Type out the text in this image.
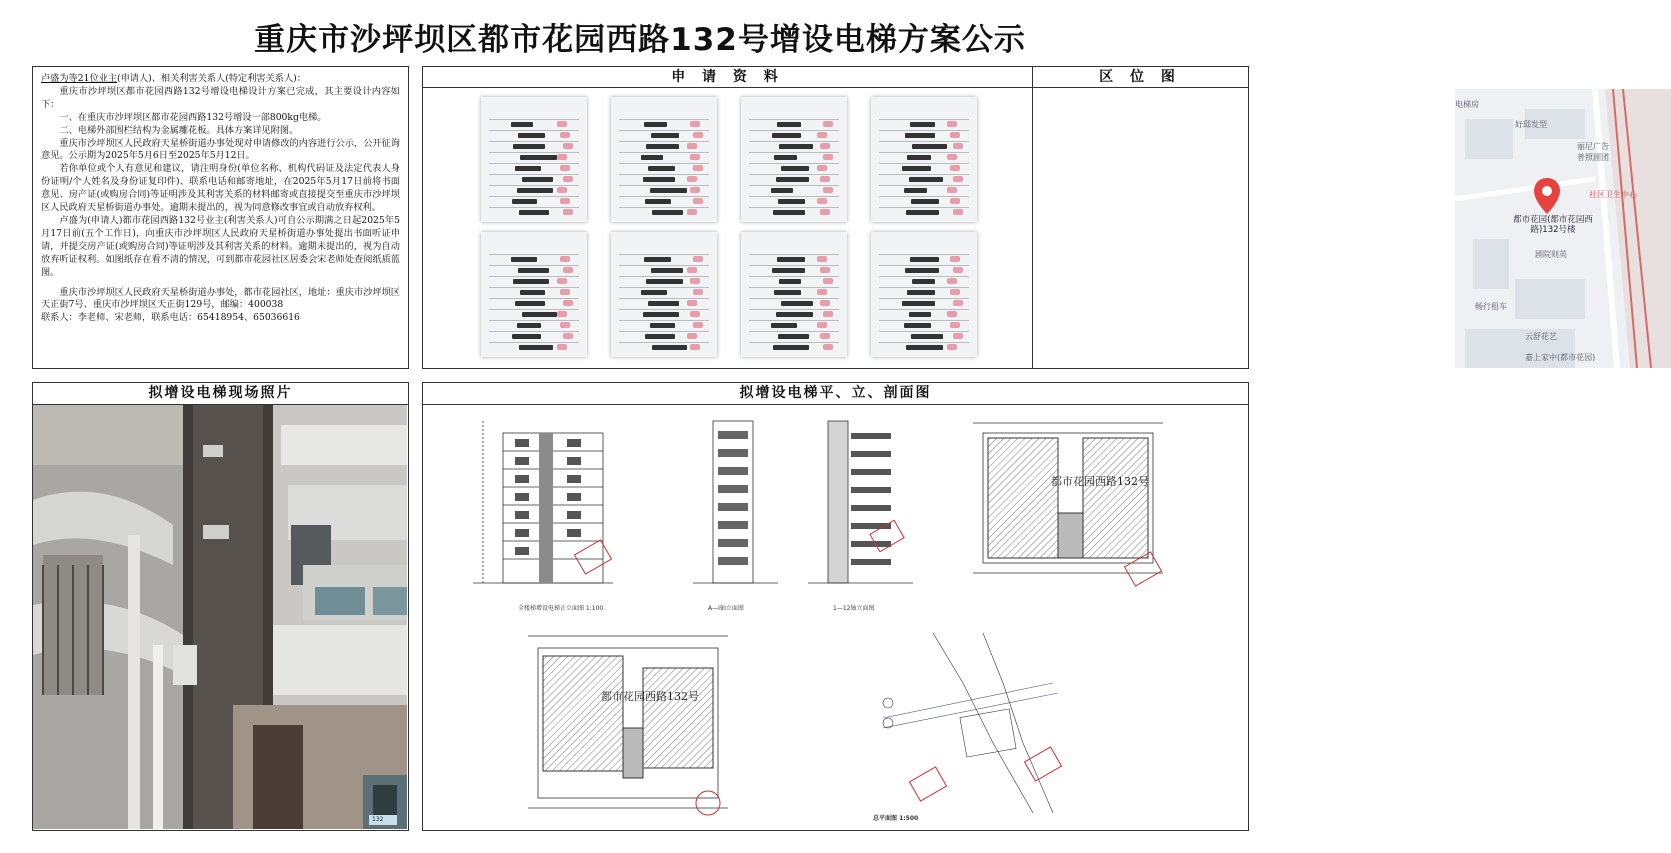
重庆市沙坪坝区都市花园西路132号增设电梯方案公示

卢盛为等21位业主(申请人)、相关利害关系人(特定利害关系人)：

重庆市沙坪坝区都市花园西路132号增设电梯设计方案已完成，其主要设计内容如下：

一、在重庆市沙坪坝区都市花园西路132号增设一部800kg电梯。

二、电梯外部围栏结构为金属雕花板。具体方案详见附图。

重庆市沙坪坝区人民政府天星桥街道办事处现对申请修改的内容进行公示，公开征询意见。公示期为2025年5月6日至2025年5月12日。

若你单位或个人有意见和建议，请注明身份(单位名称、机构代码证及法定代表人身份证明/个人姓名及身份证复印件)、联系电话和邮寄地址，在2025年5月17日前将书面意见、房产证(或购房合同)等证明涉及其利害关系的材料邮寄或直接提交至重庆市沙坪坝区人民政府天星桥街道办事处。逾期未提出的，视为同意修改事宜或自动放弃权利。

卢盛为(申请人)都市花园西路132号业主(利害关系人)可自公示期满之日起2025年5月17日前(五个工作日)，向重庆市沙坪坝区人民政府天星桥街道办事处提出书面听证申请，并提交房产证(或购房合同)等证明涉及其利害关系的材料。逾期未提出的，视为自动放弃听证权利。如图纸存在看不清的情况，可到都市花园社区居委会宋老师处查阅纸质蓝图。

重庆市沙坪坝区人民政府天星桥街道办事处，都市花园社区，地址：重庆市沙坪坝区天正街7号、重庆市沙坪坝区天正街129号，邮编：400038

联系人：李老师、宋老师，联系电话：65418954、65036616

申 请 资 料	区 位 图
都市花园(都市花园西路)132号楼
剧院则英
电梯房
好邸发型
丽尼广告
普照剧团
社区卫生中心
畅行租车
云舒花艺
嘉上家中(都市花园)
拟增设电梯现场照片
132
拟增设电梯平、立、剖面图
全楼梯增设电梯正立面图 1:100	A—I轴立面图	1—12轴立面图
都市花园西路132号
都市花园西路132号
总平面图 1:500
